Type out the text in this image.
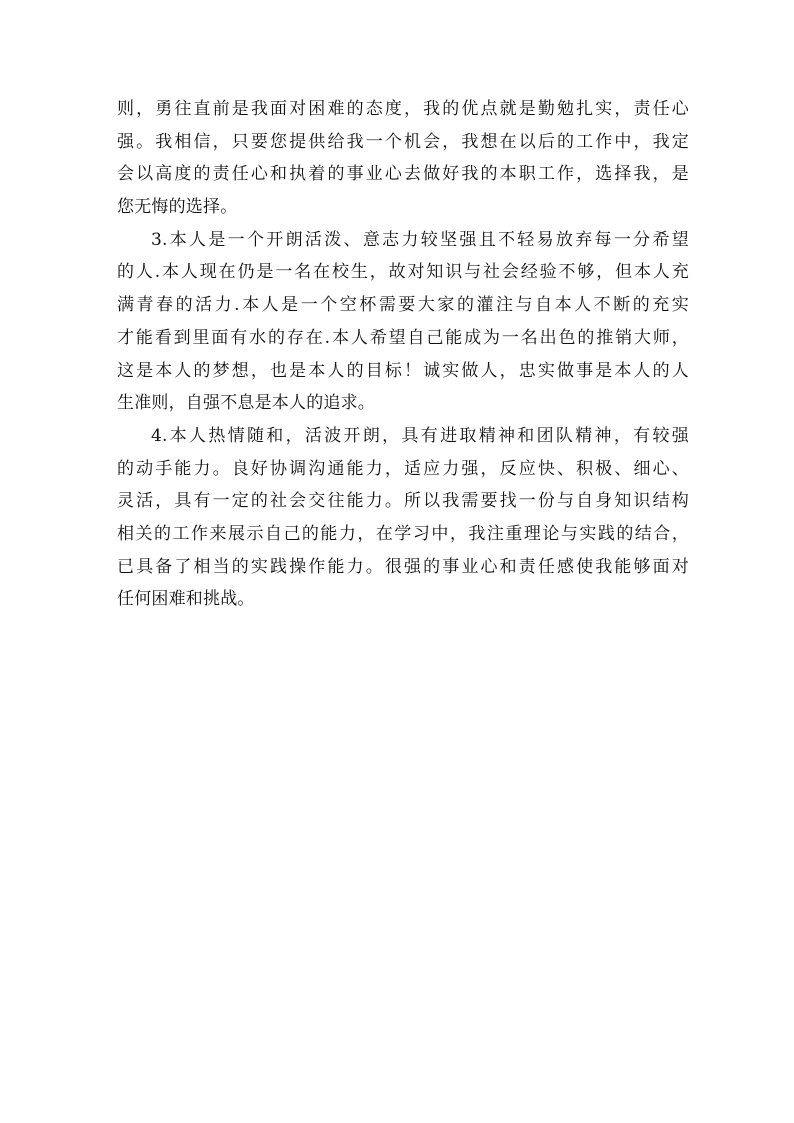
则，勇往直前是我面对困难的态度，我的优点就是勤勉扎实，责任心
强。我相信，只要您提供给我一个机会，我想在以后的工作中，我定
会以高度的责任心和执着的事业心去做好我的本职工作，选择我，是
您无悔的选择。
3.本人是一个开朗活泼、意志力较坚强且不轻易放弃每一分希望
的人.本人现在仍是一名在校生，故对知识与社会经验不够，但本人充
满青春的活力.本人是一个空杯需要大家的灌注与自本人不断的充实
才能看到里面有水的存在.本人希望自己能成为一名出色的推销大师，
这是本人的梦想，也是本人的目标！诚实做人，忠实做事是本人的人
生准则，自强不息是本人的追求。
4.本人热情随和，活波开朗，具有进取精神和团队精神，有较强
的动手能力。良好协调沟通能力，适应力强，反应快、积极、细心、
灵活，具有一定的社会交往能力。所以我需要找一份与自身知识结构
相关的工作来展示自己的能力，在学习中，我注重理论与实践的结合，
已具备了相当的实践操作能力。很强的事业心和责任感使我能够面对
任何困难和挑战。
